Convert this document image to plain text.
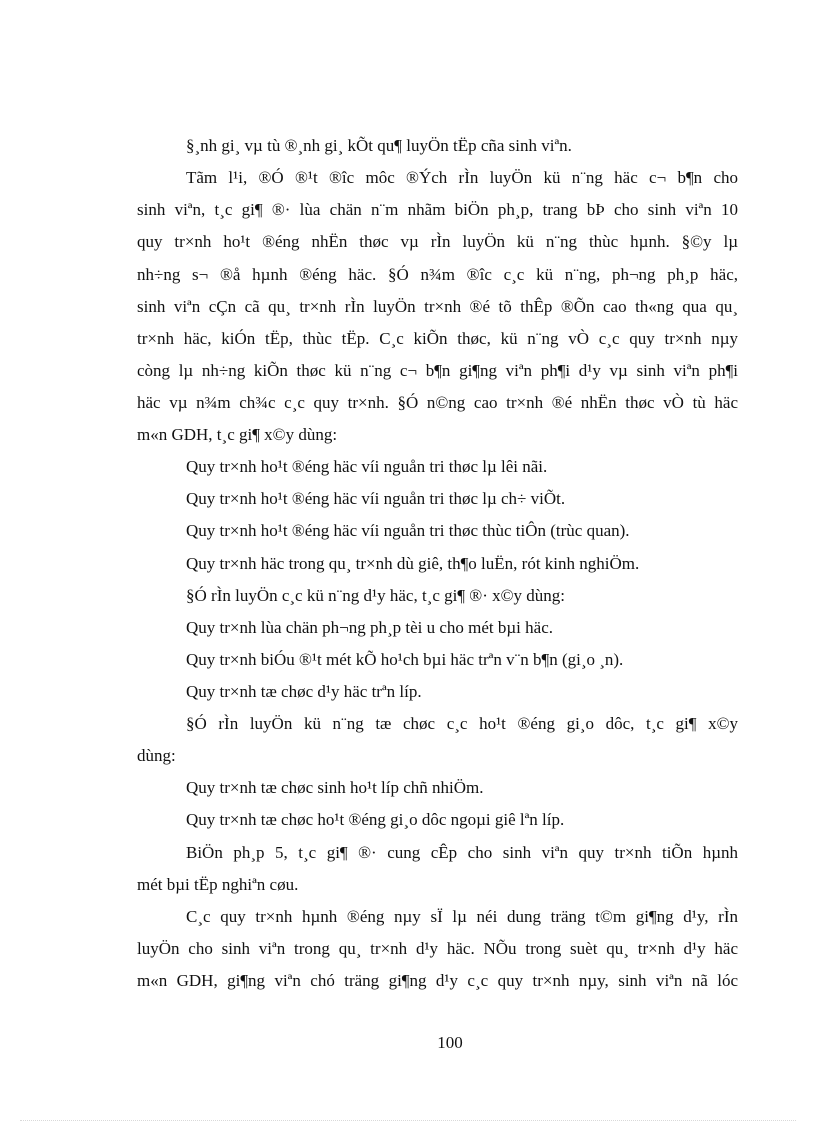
§¸nh gi¸ vµ tù ®¸nh gi¸ kÕt qu¶ luyÖn tËp cña sinh viªn.
Tãm l¹i, ®Ó ®¹t ®îc môc ®Ých rÌn luyÖn kü n¨ng häc c¬ b¶n cho
sinh viªn, t¸c gi¶ ®· lùa chän n¨m nhãm biÖn ph¸p, trang bÞ cho sinh viªn 10
quy tr×nh ho¹t ®éng nhËn thøc vµ rÌn luyÖn kü n¨ng thùc hµnh. §©y lµ
nh÷ng s¬ ®å hµnh ®éng häc. §Ó n¾m ®îc c¸c kü n¨ng, ph¬ng ph¸p häc,
sinh viªn cÇn cã qu¸ tr×nh rÌn luyÖn tr×nh ®é tõ thÊp ®Õn cao th«ng qua qu¸
tr×nh häc, kiÓn tËp, thùc tËp. C¸c kiÕn thøc, kü n¨ng vÒ c¸c quy tr×nh nµy
còng lµ nh÷ng kiÕn thøc kü n¨ng c¬ b¶n gi¶ng viªn ph¶i d¹y vµ sinh viªn ph¶i
häc vµ n¾m ch¾c c¸c quy tr×nh. §Ó n©ng cao tr×nh ®é nhËn thøc vÒ tù häc
m«n GDH, t¸c gi¶ x©y dùng:
Quy tr×nh ho¹t ®éng häc víi nguån tri thøc lµ lêi nãi.
Quy tr×nh ho¹t ®éng häc víi nguån tri thøc lµ ch÷ viÕt.
Quy tr×nh ho¹t ®éng häc víi nguån tri thøc thùc tiÔn (trùc quan).
Quy tr×nh häc trong qu¸ tr×nh dù giê, th¶o luËn, rót kinh nghiÖm.
§Ó rÌn luyÖn c¸c kü n¨ng d¹y häc, t¸c gi¶ ®· x©y dùng:
Quy tr×nh lùa chän ph¬ng ph¸p tèi u cho mét bµi häc.
Quy tr×nh biÓu ®¹t mét kÕ ho¹ch bµi häc trªn v¨n b¶n (gi¸o ¸n).
Quy tr×nh tæ chøc d¹y häc trªn líp.
§Ó rÌn luyÖn kü n¨ng tæ chøc c¸c ho¹t ®éng gi¸o dôc, t¸c gi¶ x©y
dùng:
Quy tr×nh tæ chøc sinh ho¹t líp chñ nhiÖm.
Quy tr×nh tæ chøc ho¹t ®éng gi¸o dôc ngoµi giê lªn líp.
BiÖn ph¸p 5, t¸c gi¶ ®· cung cÊp cho sinh viªn quy tr×nh tiÕn hµnh
mét bµi tËp nghiªn cøu.
C¸c quy tr×nh hµnh ®éng nµy sÏ lµ néi dung träng t©m gi¶ng d¹y, rÌn
luyÖn cho sinh viªn trong qu¸ tr×nh d¹y häc. NÕu trong suèt qu¸ tr×nh d¹y häc
m«n GDH, gi¶ng viªn chó träng gi¶ng d¹y c¸c quy tr×nh nµy, sinh viªn nã lóc
100
